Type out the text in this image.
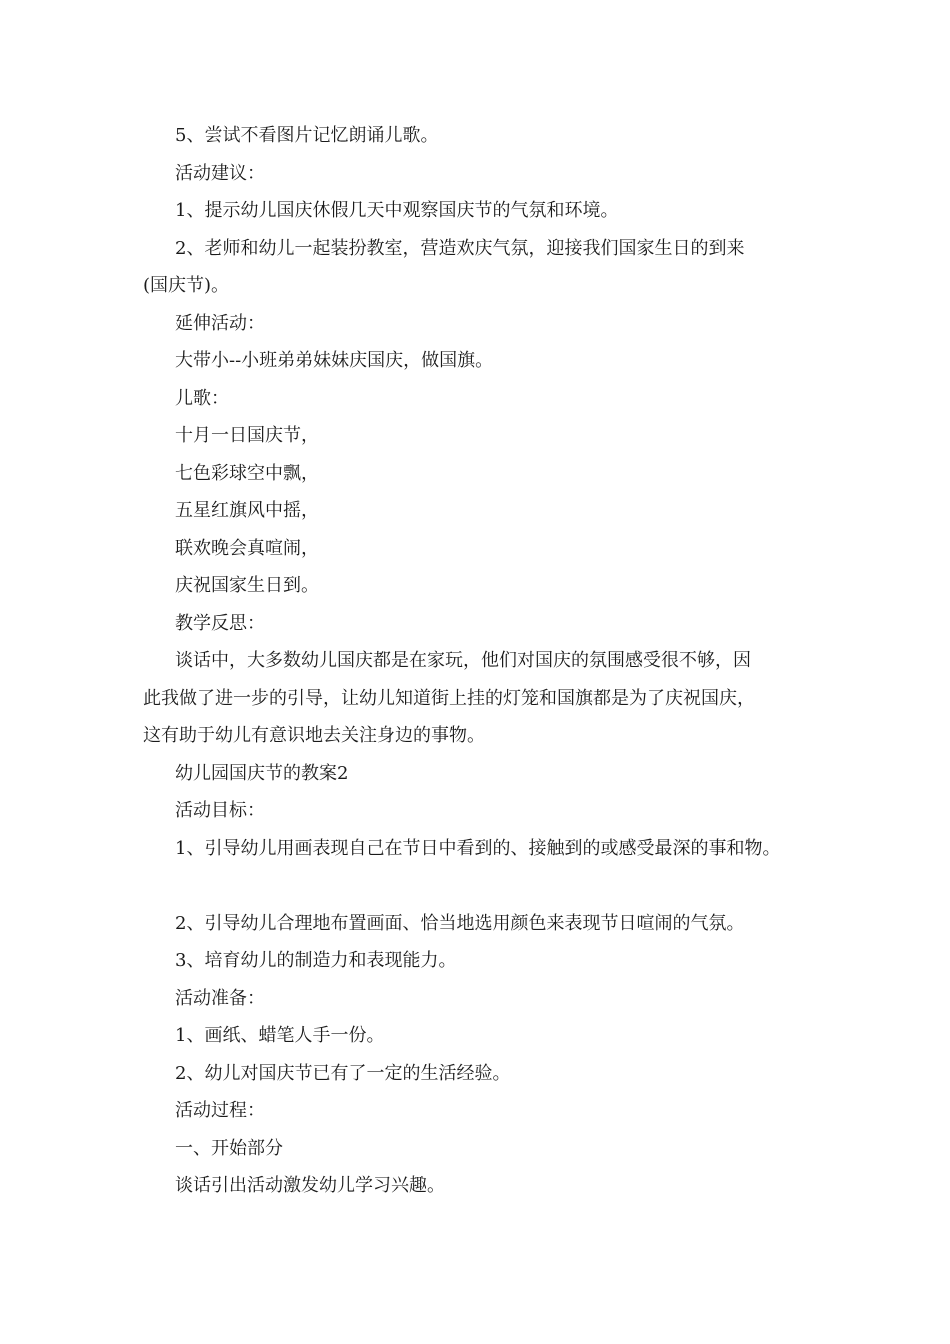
5、尝试不看图片记忆朗诵儿歌。
活动建议：
1、提示幼儿国庆休假几天中观察国庆节的气氛和环境。
2、老师和幼儿一起装扮教室，营造欢庆气氛，迎接我们国家生日的到来
(国庆节)。
延伸活动：
大带小--小班弟弟妹妹庆国庆，做国旗。
儿歌：
十月一日国庆节，
七色彩球空中飘，
五星红旗风中摇，
联欢晚会真喧闹，
庆祝国家生日到。
教学反思：
谈话中，大多数幼儿国庆都是在家玩，他们对国庆的氛围感受很不够，因
此我做了进一步的引导，让幼儿知道街上挂的灯笼和国旗都是为了庆祝国庆，
这有助于幼儿有意识地去关注身边的事物。
幼儿园国庆节的教案2
活动目标：
1、引导幼儿用画表现自己在节日中看到的、接触到的或感受最深的事和物。
2、引导幼儿合理地布置画面、恰当地选用颜色来表现节日喧闹的气氛。
3、培育幼儿的制造力和表现能力。
活动准备：
1、画纸、蜡笔人手一份。
2、幼儿对国庆节已有了一定的生活经验。
活动过程：
一、开始部分
谈话引出活动激发幼儿学习兴趣。
